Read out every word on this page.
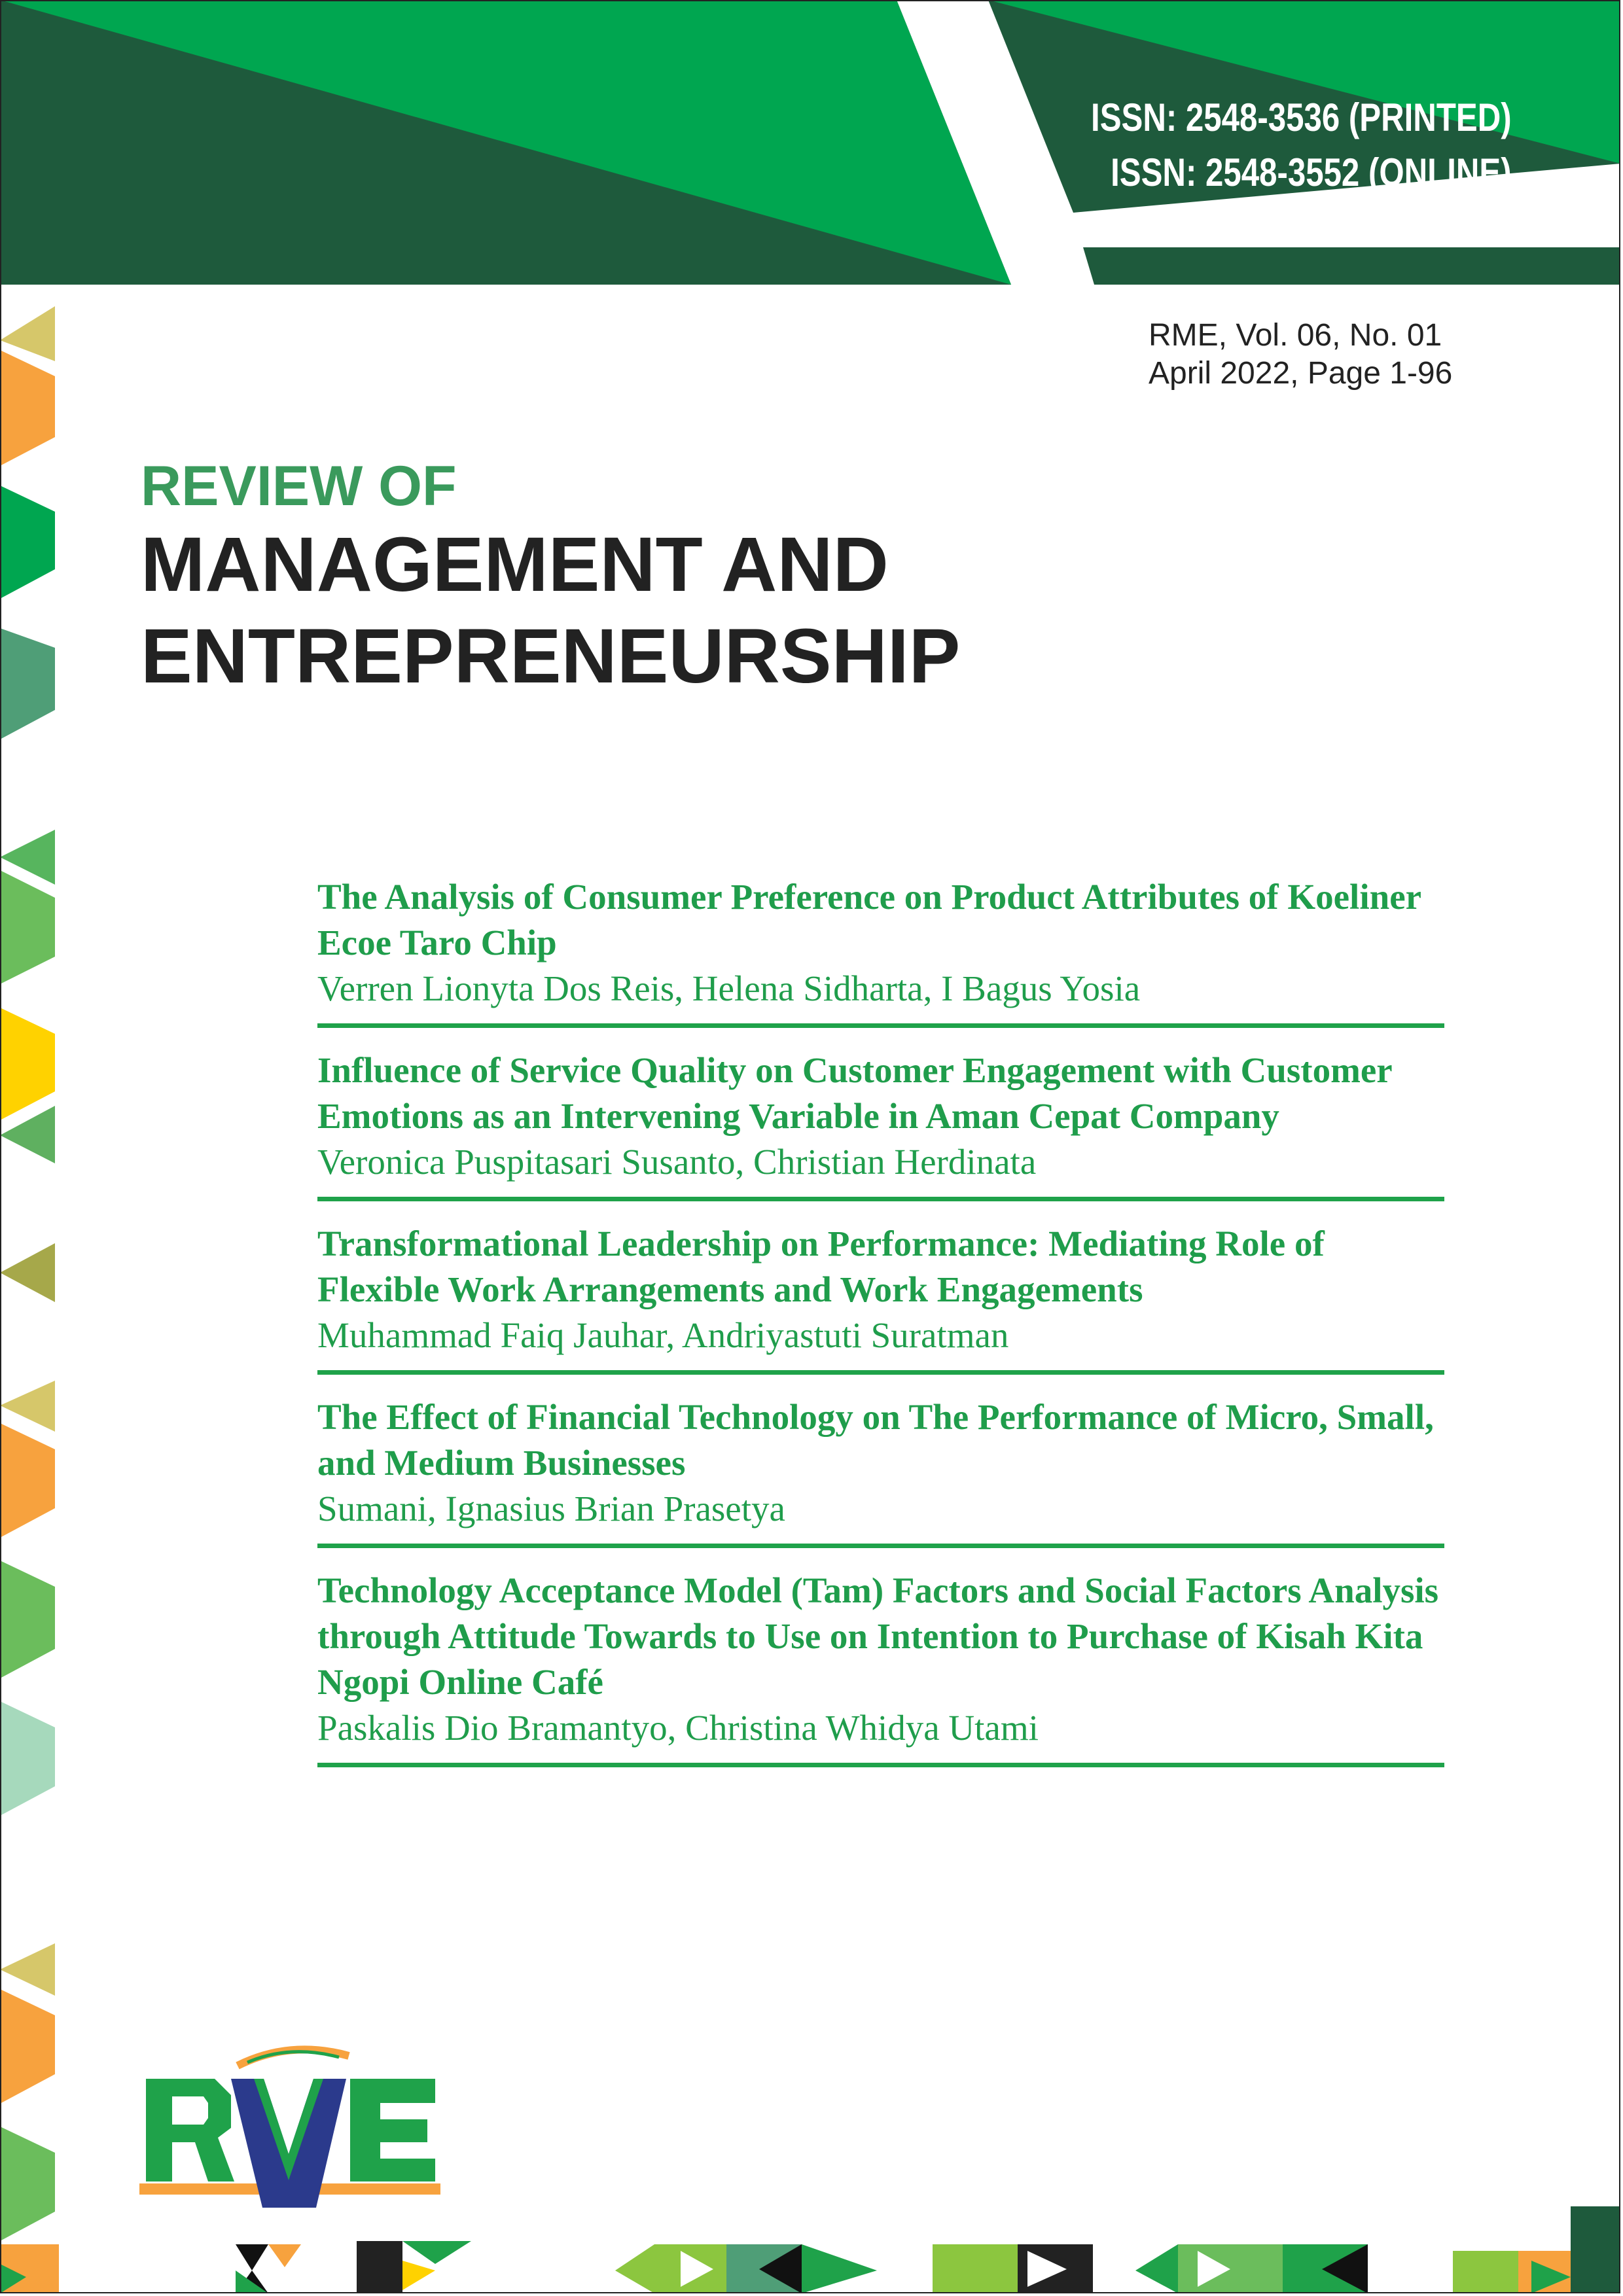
ISSN: 2548-3536 (PRINTED)
ISSN: 2548-3552 (ONLINE)
RME, Vol. 06, No. 01
April 2022, Page 1-96
REVIEW OF
MANAGEMENT AND
ENTREPRENEURSHIP
The Analysis of Consumer Preference on Product Attributes of Koeliner Ecoe Taro Chip
Verren Lionyta Dos Reis, Helena Sidharta, I Bagus Yosia
Influence of Service Quality on Customer Engagement with Customer Emotions as an Intervening Variable in Aman Cepat Company
Veronica Puspitasari Susanto, Christian Herdinata
Transformational Leadership on Performance: Mediating Role of Flexible Work Arrangements and Work Engagements
Muhammad Faiq Jauhar, Andriyastuti Suratman
The Effect of Financial Technology on The Performance of Micro, Small, and Medium Businesses
Sumani, Ignasius Brian Prasetya
Technology Acceptance Model (Tam) Factors and Social Factors Analysis through Attitude Towards to Use on Intention to Purchase of Kisah Kita Ngopi Online Café
Paskalis Dio Bramantyo, Christina Whidya Utami
